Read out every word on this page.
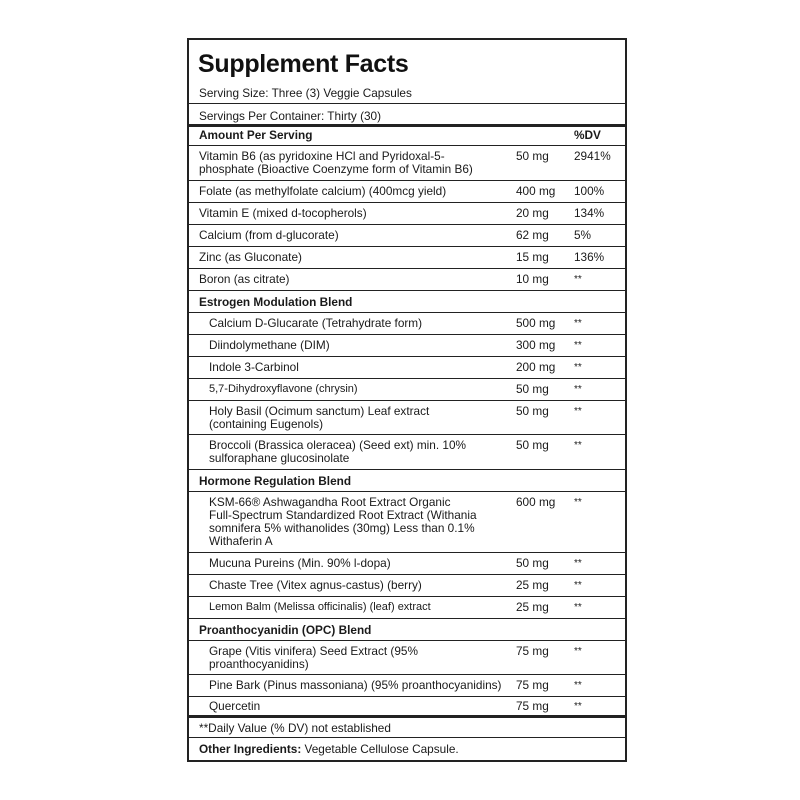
Supplement Facts
Serving Size: Three (3) Veggie Capsules
Servings Per Container: Thirty (30)
Amount Per Serving	%DV
Vitamin B6 (as pyridoxine HCl and Pyridoxal-5-
phosphate (Bioactive Coenzyme form of Vitamin B6)
50 mg 2941%
Folate (as methylfolate calcium) (400mcg yield)	400 mg 100%
Vitamin E (mixed d-tocopherols)	20 mg 134%
Calcium (from d-glucorate)	62 mg 5%
Zinc (as Gluconate)	15 mg 136%
Boron (as citrate)	10 mg	**
Estrogen Modulation Blend
Calcium D-Glucarate (Tetrahydrate form)	500 mg **
Diindolymethane (DIM)	300 mg **
Indole 3-Carbinol	200 mg **
5,7-Dihydroxyflavone (chrysin)	50 mg	**
Holy Basil (Ocimum sanctum) Leaf extract
(containing Eugenols)
50 mg	**
Broccoli (Brassica oleracea) (Seed ext) min. 10%
sulforaphane glucosinolate
50 mg	**
Hormone Regulation Blend
KSM-66® Ashwagandha Root Extract Organic
Full-Spectrum Standardized Root Extract (Withania
somnifera 5% withanolides (30mg) Less than 0.1%
Withaferin A
600 mg **
Mucuna Pureins (Min. 90% l-dopa)	50 mg	**
Chaste Tree (Vitex agnus-castus) (berry)	25 mg	**
Lemon Balm (Melissa officinalis) (leaf) extract	25 mg	**
Proanthocyanidin (OPC) Blend
Grape (Vitis vinifera) Seed Extract (95%
proanthocyanidins)
75 mg	**
Pine Bark (Pinus massoniana) (95% proanthocyanidins) 75 mg	**
Quercetin	75 mg	**
**Daily Value (% DV) not established
Other Ingredients: Vegetable Cellulose Capsule.
